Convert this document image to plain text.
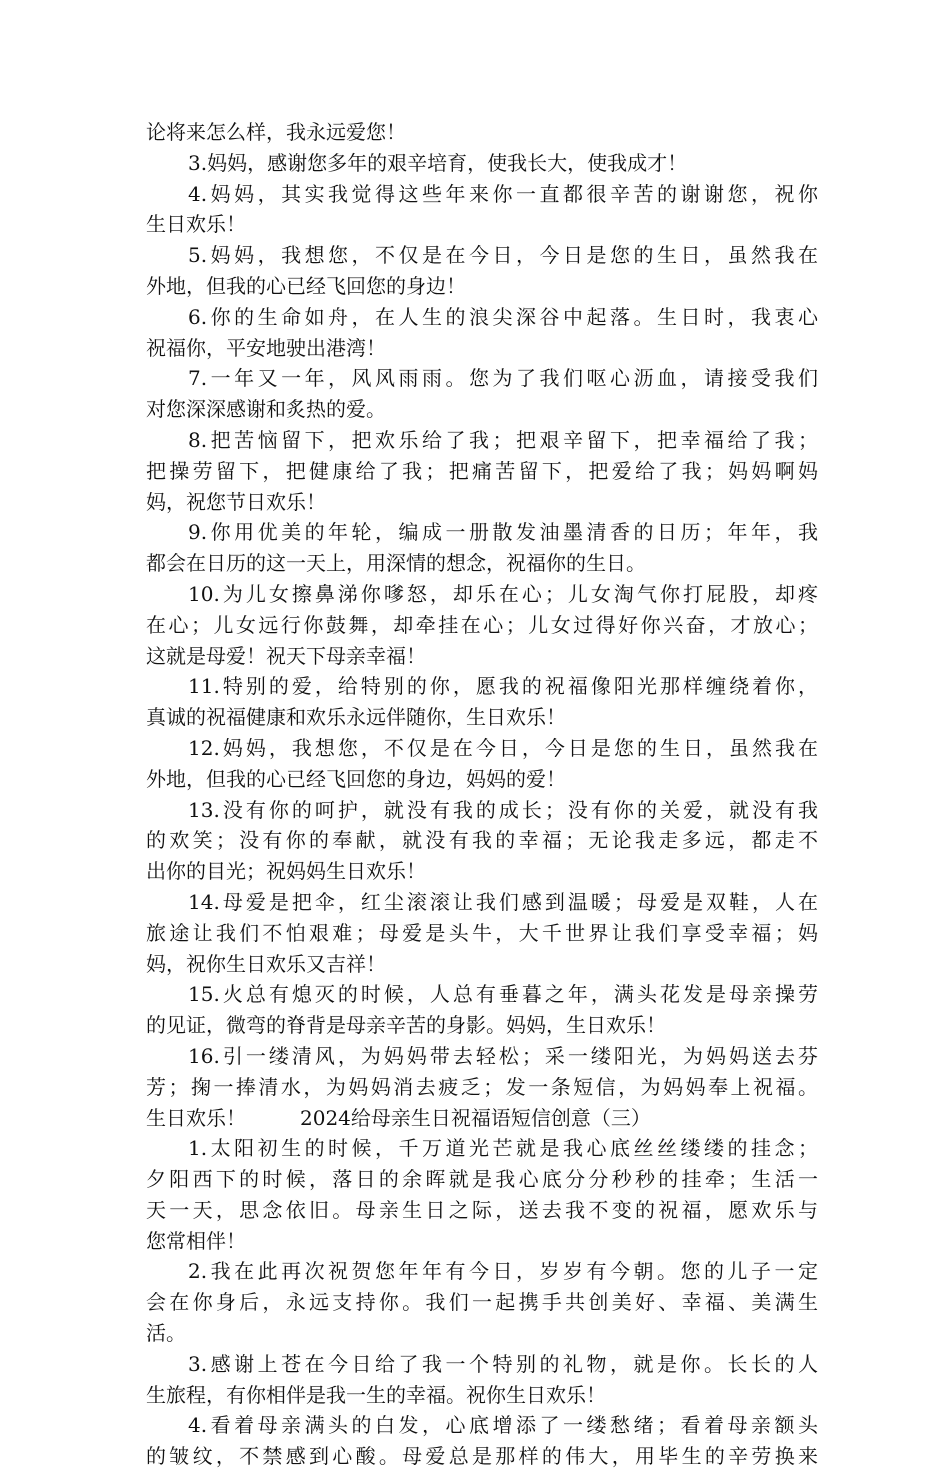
论将来怎么样，我永远爱您！
3.妈妈，感谢您多年的艰辛培育，使我长大，使我成才！
4.妈妈，其实我觉得这些年来你一直都很辛苦的谢谢您，祝你
生日欢乐！
5.妈妈，我想您，不仅是在今日，今日是您的生日，虽然我在
外地，但我的心已经飞回您的身边！
6.你的生命如舟，在人生的浪尖深谷中起落。生日时，我衷心
祝福你，平安地驶出港湾！
7.一年又一年，风风雨雨。您为了我们呕心沥血，请接受我们
对您深深感谢和炙热的爱。
8.把苦恼留下，把欢乐给了我；把艰辛留下，把幸福给了我；
把操劳留下，把健康给了我；把痛苦留下，把爱给了我；妈妈啊妈
妈，祝您节日欢乐！
9.你用优美的年轮，编成一册散发油墨清香的日历；年年，我
都会在日历的这一天上，用深情的想念，祝福你的生日。
10.为儿女擦鼻涕你嗲怒，却乐在心；儿女淘气你打屁股，却疼
在心；儿女远行你鼓舞，却牵挂在心；儿女过得好你兴奋，才放心；
这就是母爱！祝天下母亲幸福！
11.特别的爱，给特别的你，愿我的祝福像阳光那样缠绕着你，
真诚的祝福健康和欢乐永远伴随你，生日欢乐！
12.妈妈，我想您，不仅是在今日，今日是您的生日，虽然我在
外地，但我的心已经飞回您的身边，妈妈的爱！
13.没有你的呵护，就没有我的成长；没有你的关爱，就没有我
的欢笑；没有你的奉献，就没有我的幸福；无论我走多远，都走不
出你的目光；祝妈妈生日欢乐！
14.母爱是把伞，红尘滚滚让我们感到温暖；母爱是双鞋，人在
旅途让我们不怕艰难；母爱是头牛，大千世界让我们享受幸福；妈
妈，祝你生日欢乐又吉祥！
15.火总有熄灭的时候，人总有垂暮之年，满头花发是母亲操劳
的见证，微弯的脊背是母亲辛苦的身影。妈妈，生日欢乐！
16.引一缕清风，为妈妈带去轻松；采一缕阳光，为妈妈送去芬
芳；掬一捧清水，为妈妈消去疲乏；发一条短信，为妈妈奉上祝福。
生日欢乐！	2024给母亲生日祝福语短信创意（三）
1.太阳初生的时候，千万道光芒就是我心底丝丝缕缕的挂念；
夕阳西下的时候，落日的余晖就是我心底分分秒秒的挂牵；生活一
天一天，思念依旧。母亲生日之际，送去我不变的祝福，愿欢乐与
您常相伴！
2.我在此再次祝贺您年年有今日，岁岁有今朝。您的儿子一定
会在你身后，永远支持你。我们一起携手共创美好、幸福、美满生
活。
3.感谢上苍在今日给了我一个特别的礼物，就是你。长长的人
生旅程，有你相伴是我一生的幸福。祝你生日欢乐！
4.看着母亲满头的白发，心底增添了一缕愁绪；看着母亲额头
的皱纹，不禁感到心酸。母爱总是那样的伟大，用毕生的辛劳换来
